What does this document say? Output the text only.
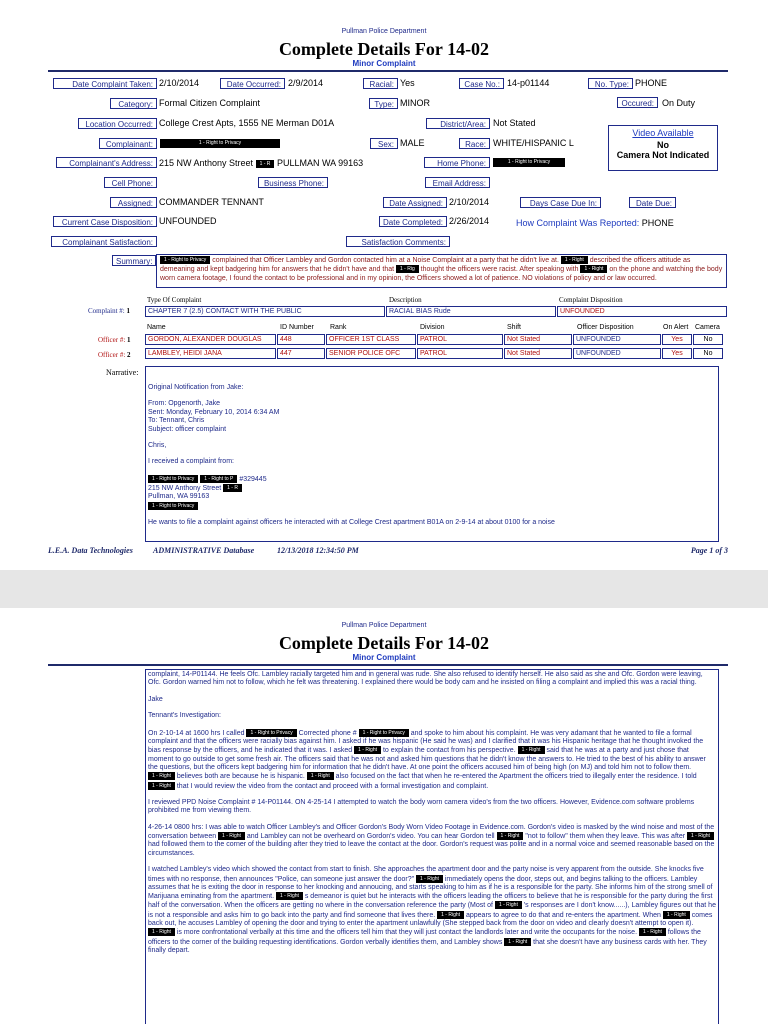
Pullman Police Department
Complete Details For 14-02
Minor Complaint
Date Complaint Taken: 2/10/2014	Date Occurred: 2/9/2014	Racial: Yes	Case No.: 14-p01144	No. Type: PHONE
Category: Formal Citizen Complaint	Type: MINOR	Occured: On Duty
Location Occurred: College Crest Apts, 1555 NE Merman D01A	District/Area: Not Stated
Video Available
No
Camera Not Indicated
Complainant:	1 - Right to Privacy	Sex: MALE	Race: WHITE/HISPANIC L
Complainant's Address: 215 NW Anthony Street 1 - R PULLMAN WA 99163	Home Phone:	1 - Right to Privacy
Cell Phone:	Business Phone:	Email Address:
Assigned: COMMANDER TENNANT	Date Assigned: 2/10/2014	Days Case Due In:	Date Due:
Current Case Disposition: UNFOUNDED	Date Completed: 2/26/2014	How Complaint Was Reported: PHONE
Complainant Satisfaction:	Satisfaction Comments:
Summary:	1 - Right to Privacy complained that Officer Lambley and Gordon contacted him at a Noise Complaint at a party that he didn't live at. 1 - Right described the officers attitude as demeaning and kept badgering him for answers that he didn't have and that 1 - Rig thought the officers were racist. After speaking with 1 - Right on the phone and watching the body worn camera footage, I found the contact to be professional and in my opinion, the Officers showed a lot of patience. NO violations of policy and or law occurred.
Type Of Complaint	Description	Complaint Disposition
Complaint #: 1	CHAPTER 7 (2.5) CONTACT WITH THE PUBLIC	RACIAL BIAS Rude	UNFOUNDED
Name	ID Number Rank	Division	Shift	Officer Disposition	On Alert Camera
Officer #: 1	GORDON, ALEXANDER DOUGLAS	448	OFFICER 1ST CLASS	PATROL	Not Stated	UNFOUNDED	Yes	No
Officer #: 2	LAMBLEY, HEIDI JANA	447	SENIOR POLICE OFC	PATROL	Not Stated	UNFOUNDED	Yes	No
Narrative:

Original Notification from Jake:

From: Opgenorth, Jake
Sent: Monday, February 10, 2014 6:34 AM
To: Tennant, Chris

Subject: officer complaint

Chris,

I received a complaint from:

1 - Right to Privacy 1 - Right to P #329445
215 NW Anthony Street 1 - R
Pullman, WA 99163

1 - Right to Privacy

He wants to file a complaint against officers he interacted with at College Crest apartment B01A on 2-9-14 at about 0100 for a noise
L.E.A. Data Technologies	ADMINISTRATIVE Database	12/13/2018 12:34:50 PM	Page 1 of 3
Pullman Police Department
Complete Details For 14-02
Minor Complaint

complaint, 14-P01144. He feels Ofc. Lambley racially targeted him and in general was rude. She also refused to identify herself. He also said as she and Ofc. Gordon were leaving, Ofc. Gordon warned him not to follow, which he felt was threatening. I explained there would be body cam and he insisted on filing a complaint and implied this was a racial thing.

Jake

Tennant's Investigation:

On 2-10-14 at 1600 hrs I called 1 - Right to Privacy Corrected phone # 1 - Right to Privacy and spoke to him about his complaint. He was very adamant that he wanted to file a formal complaint and that the officers were racially bias against him. I asked if he was hispanic (He said he was) and I clarified that it was his Hispanic heritage that he thought invoked the bias response by the officers, and he indicated that it was. I asked 1 - Right to explain the contact from his perspective. 1 - Right said that he was at a party and just chose that moment to go outside to get some fresh air. The officers said that he was not and asked him questions that he didn't know the answers to. He tried to the best of his ability to answer the questions, but the officers kept badgering him for information that he didn't have. At one point the officers accused him of being high (on MJ) and told him not to follow them. 1 - Right believes both are because he is hispanic. 1 - Right also focused on the fact that when he re-entered the Apartment the officers tried to illegally enter the residence. I told 1 - Right that I would review the video from the contact and proceed with a formal investigation and complaint.

I reviewed PPD Noise Complaint # 14-P01144. ON 4-25-14 I attempted to watch the body worn camera video's from the two officers. However, Evidence.com software problems prohibited me from viewing them.

4-26-14 0800 hrs: I was able to watch Officer Lambley's and Officer Gordon's Body Worn Video Footage in Evidence.com. Gordon's video is masked by the wind noise and most of the conversation between 1 - Right and Lambley can not be overheard on Gordon's video. You can hear Gordon tell 1 - Right "not to follow" them when they leave. This was after 1 - Right had followed them to the corner of the building after they tried to leave the contact at the door. Gordon's request was polite and in a normal voice and seemed reasonable based on the circumstances.

I watched Lambley's video which showed the contact from start to finish. She approaches the apartment door and the party noise is very apparent from the outside. She knocks five times with no response, then announces "Police, can someone just answer the door?" 1 - Right immediately opens the door, steps out, and begins talking to the officers. Lambley assumes that he is exiting the door in response to her knocking and annoucing, and starts speaking to him as if he is a responsible for the party. She informs him of the strong smell of Marijuana eminating from the apartment. 1 - Right s demeanor is quiet but he interacts with the officers leading the officers to believe that he is responsible for the party during the first half of the conversation. When the officers are getting no where in the conversation reference the party (Most of 1 - Right 's responses are I don't know......), Lambley figures out that he is not a responsible and asks him to go back into the party and find someone that lives there. 1 - Right appears to agree to do that and re-enters the apartment. When 1 - Right comes back out, he accuses Lambley of opening the door and trying to enter the apartment unlawfully (She stepped back from the door on video and clearly doesn't attempt to open it). 1 - Right is more confrontational verbally at this time and the officers tell him that they will just contact the landlords later and write the occupants for the noise. 1 - Right follows the officers to the corner of the building requesting identifications. Gordon verbally identifies them, and Lambley shows 1 - Right that she doesn't have any business cards with her. They finally depart.
